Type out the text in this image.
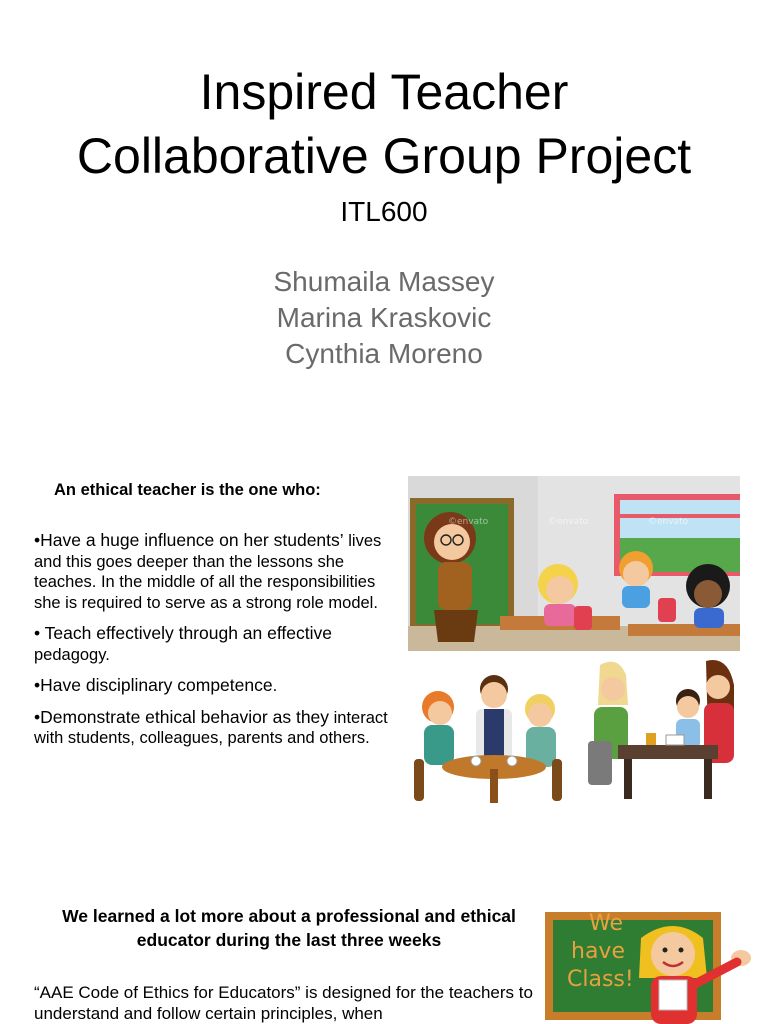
Inspired Teacher
Collaborative Group Project
ITL600
Shumaila Massey
Marina Kraskovic
Cynthia Moreno
An ethical teacher is the one who:

•Have a huge influence on her students’ lives and this goes deeper than the lessons she teaches. In the middle of all the responsibilities she is required to serve as a strong role model.

• Teach effectively through an effective pedagogy.

•Have disciplinary competence.

•Demonstrate ethical behavior as they interact with students, colleagues, parents and others.

©envato	©envato	©envato
We learned a lot more about a professional and ethical educator during the last three weeks
“AAE Code of Ethics for Educators” is designed for the teachers to understand and follow certain principles, when
We
have
Class!
